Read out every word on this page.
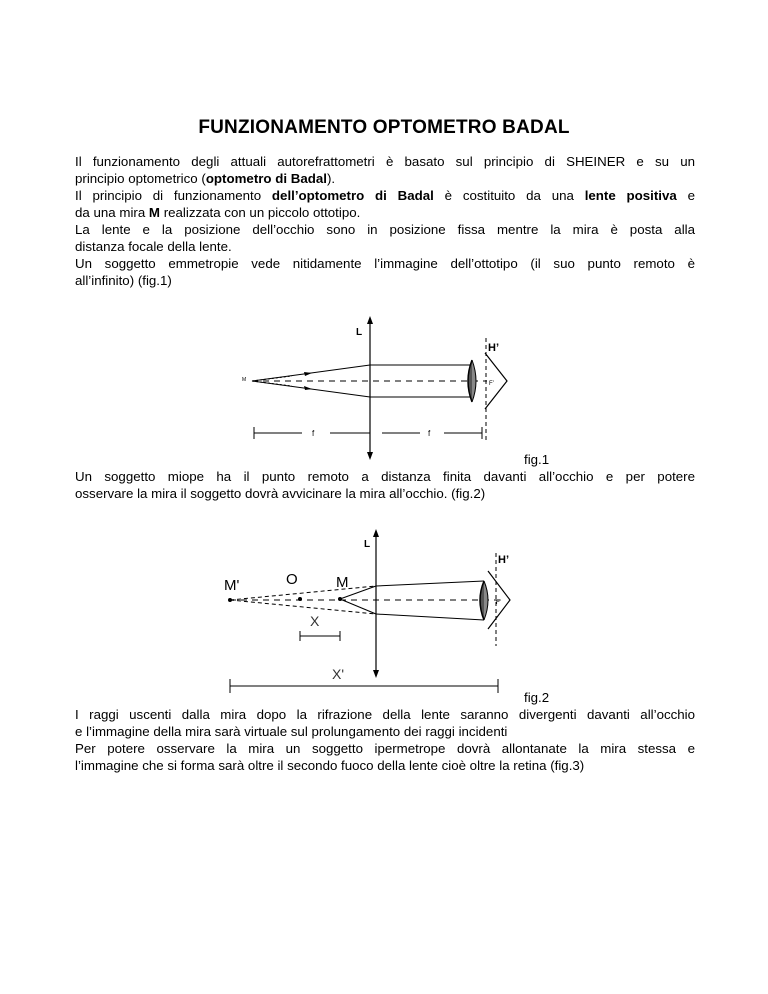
FUNZIONAMENTO OPTOMETRO BADAL
Il funzionamento degli attuali autorefrattometri è basato sul principio di SHEINER e su un
principio optometrico (optometro di Badal).
Il principio di funzionamento dell’optometro di Badal è costituito da una lente positiva e
da una mira M realizzata con un piccolo ottotipo.
La lente e la posizione dell’occhio sono in posizione fissa mentre la mira è posta alla
distanza focale della lente.
Un soggetto emmetropie vede nitidamente l’immagine dell’ottotipo (il suo punto remoto è
all’infinito) (fig.1)
L
M
F’
H’
f	f
fig.1
Un soggetto miope ha il punto remoto a distanza finita davanti all’occhio e per potere
osservare la mira il soggetto dovrà avvicinare la mira all’occhio. (fig.2)
L
M'	O	M
F’
H’
X
X'
fig.2
I raggi uscenti dalla mira dopo la rifrazione della lente saranno divergenti davanti all’occhio
e l’immagine della mira sarà virtuale sul prolungamento dei raggi incidenti
Per potere osservare la mira un soggetto ipermetrope dovrà allontanate la mira stessa e
l’immagine che si forma sarà oltre il secondo fuoco della lente cioè oltre la retina (fig.3)
